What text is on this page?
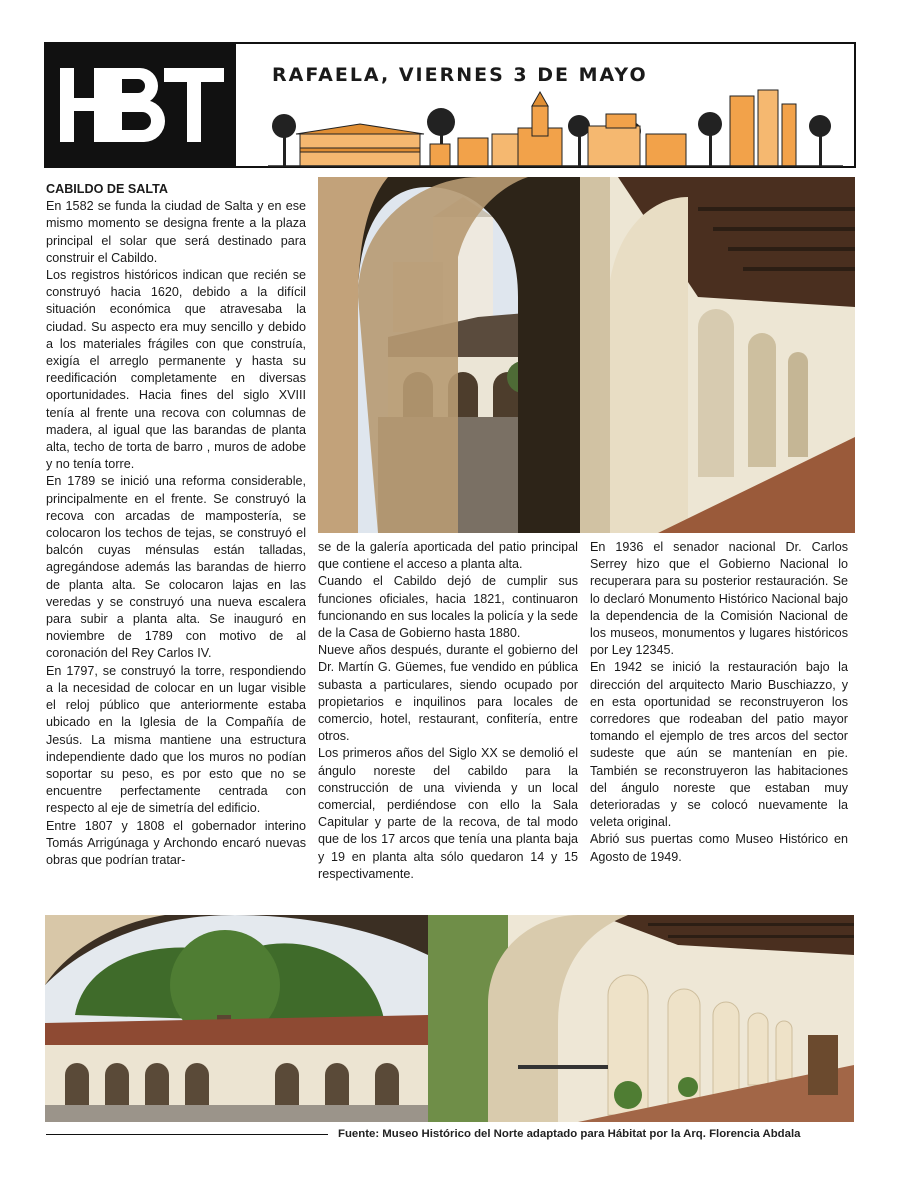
RAFAELA, VIERNES 3 DE MAYO

CABILDO DE SALTA

En 1582 se funda la ciudad de Salta y en ese mismo momento se designa frente a la plaza principal el solar que será destinado para construir el Cabildo.

Los registros históricos indican que recién se construyó hacia 1620, debido a la difícil situación económica que atravesaba la ciudad. Su aspecto era muy sencillo y debido a los materiales frágiles con que construía, exigía el arreglo permanente y hasta su reedificación completamente en diversas oportunidades. Hacia fines del siglo XVIII tenía al frente una recova con columnas de madera, al igual que las barandas de planta alta, techo de torta de barro , muros de adobe y no tenía torre.

En 1789 se inició una reforma considerable, principalmente en el frente. Se construyó la recova con arcadas de mampostería, se colocaron los techos de tejas, se construyó el balcón cuyas ménsulas están talladas, agregándose además las barandas de hierro de planta alta. Se colocaron lajas en las veredas y se construyó una nueva escalera para subir a planta alta. Se inauguró en noviembre de 1789 con motivo de al coronación del Rey Carlos IV.

En 1797, se construyó la torre, respondiendo a la necesidad de colocar en un lugar visible el reloj público que anteriormente estaba ubicado en la Iglesia de la Compañía de Jesús. La misma mantiene una estructura independiente dado que los muros no podían soportar su peso, es por esto que no se encuentre perfectamente centrada con respecto al eje de simetría del edificio.

Entre 1807 y 1808 el gobernador interino Tomás Arrigúnaga y Archondo encaró nuevas obras que podrían tratar-

se de la galería aporticada del patio principal que contiene el acceso a planta alta.

Cuando el Cabildo dejó de cumplir sus funciones oficiales, hacia 1821, continuaron funcionando en sus locales la policía y la sede de la Casa de Gobierno hasta 1880.

Nueve años después, durante el gobierno del Dr. Martín G. Güemes, fue vendido en pública subasta a particulares, siendo ocupado por propietarios e inquilinos para locales de comercio, hotel, restaurant, confitería, entre otros.

Los primeros años del Siglo XX se demolió el ángulo noreste del cabildo para la construcción de una vivienda y un local comercial, perdiéndose con ello la Sala Capitular y parte de la recova, de tal modo que de los 17 arcos que tenía una planta baja y 19 en planta alta sólo quedaron 14 y 15 respectivamente.

En 1936 el senador nacional Dr. Carlos Serrey hizo que el Gobierno Nacional lo recuperara para su posterior restauración. Se lo declaró Monumento Histórico Nacional bajo la dependencia de la Comisión Nacional de los museos, monumentos y lugares históricos por Ley 12345.

En 1942 se inició la restauración bajo la dirección del arquitecto Mario Buschiazzo, y en esta oportunidad se reconstruyeron los corredores que rodeaban del patio mayor tomando el ejemplo de tres arcos del sector sudeste que aún se mantenían en pie. También se reconstruyeron las habitaciones del ángulo noreste que estaban muy deterioradas y se colocó nuevamente la veleta original.

Abrió sus puertas como Museo Histórico en Agosto de 1949.

Fuente: Museo Histórico del Norte adaptado para Hábitat por la Arq. Florencia Abdala
